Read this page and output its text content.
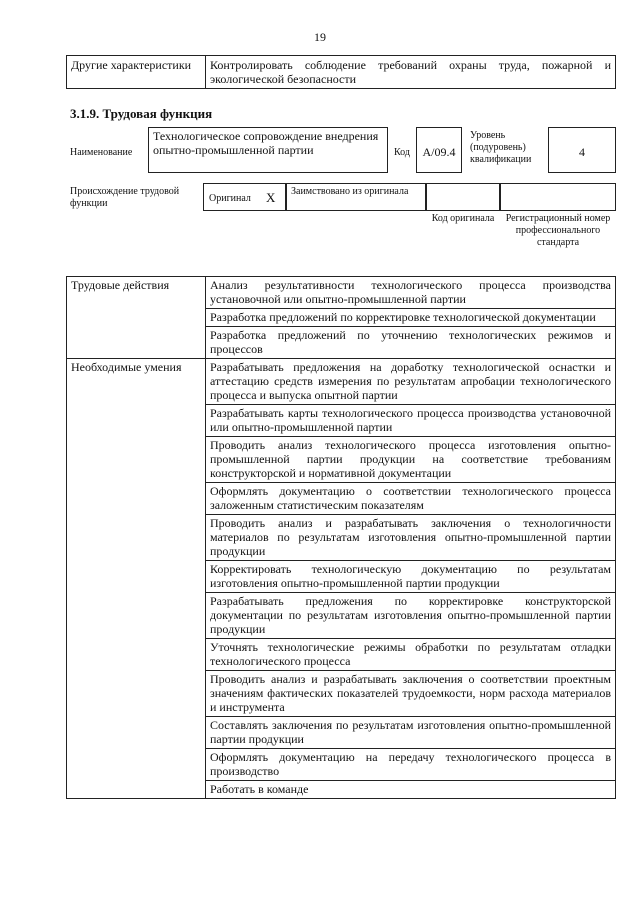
19
Другие характеристики	Контролировать соблюдение требований охраны труда, пожарной и экологической безопасности
3.1.9. Трудовая функция
Наименование
Технологическое сопровождение внедрения опытно-промышленной партии	Код	A/09.4
Уровень (подуровень) квалификации
4
Происхождение трудовой функции	Оригинал X	Заимствовано из оригинала
Код оригинала	Регистрационный номер профессионального стандарта
Трудовые действия	Анализ результативности технологического процесса производства установочной или опытно-промышленной партии
	Разработка предложений по корректировке технологической документации
	Разработка предложений по уточнению технологических режимов и процессов
Необходимые умения	Разрабатывать предложения на доработку технологической оснастки и аттестацию средств измерения по результатам апробации технологического процесса и выпуска опытной партии
	Разрабатывать карты технологического процесса производства установочной или опытно-промышленной партии
	Проводить анализ технологического процесса изготовления опытно-промышленной партии продукции на соответствие требованиям конструкторской и нормативной документации
	Оформлять документацию о соответствии технологического процесса заложенным статистическим показателям
	Проводить анализ и разрабатывать заключения о технологичности материалов по результатам изготовления опытно-промышленной партии продукции
	Корректировать технологическую документацию по результатам изготовления опытно-промышленной партии продукции
	Разрабатывать предложения по корректировке конструкторской документации по результатам изготовления опытно-промышленной партии продукции
	Уточнять технологические режимы обработки по результатам отладки технологического процесса
	Проводить анализ и разрабатывать заключения о соответствии проектным значениям фактических показателей трудоемкости, норм расхода материалов и инструмента
	Составлять заключения по результатам изготовления опытно-промышленной партии продукции
	Оформлять документацию на передачу технологического процесса в производство
	Работать в команде
